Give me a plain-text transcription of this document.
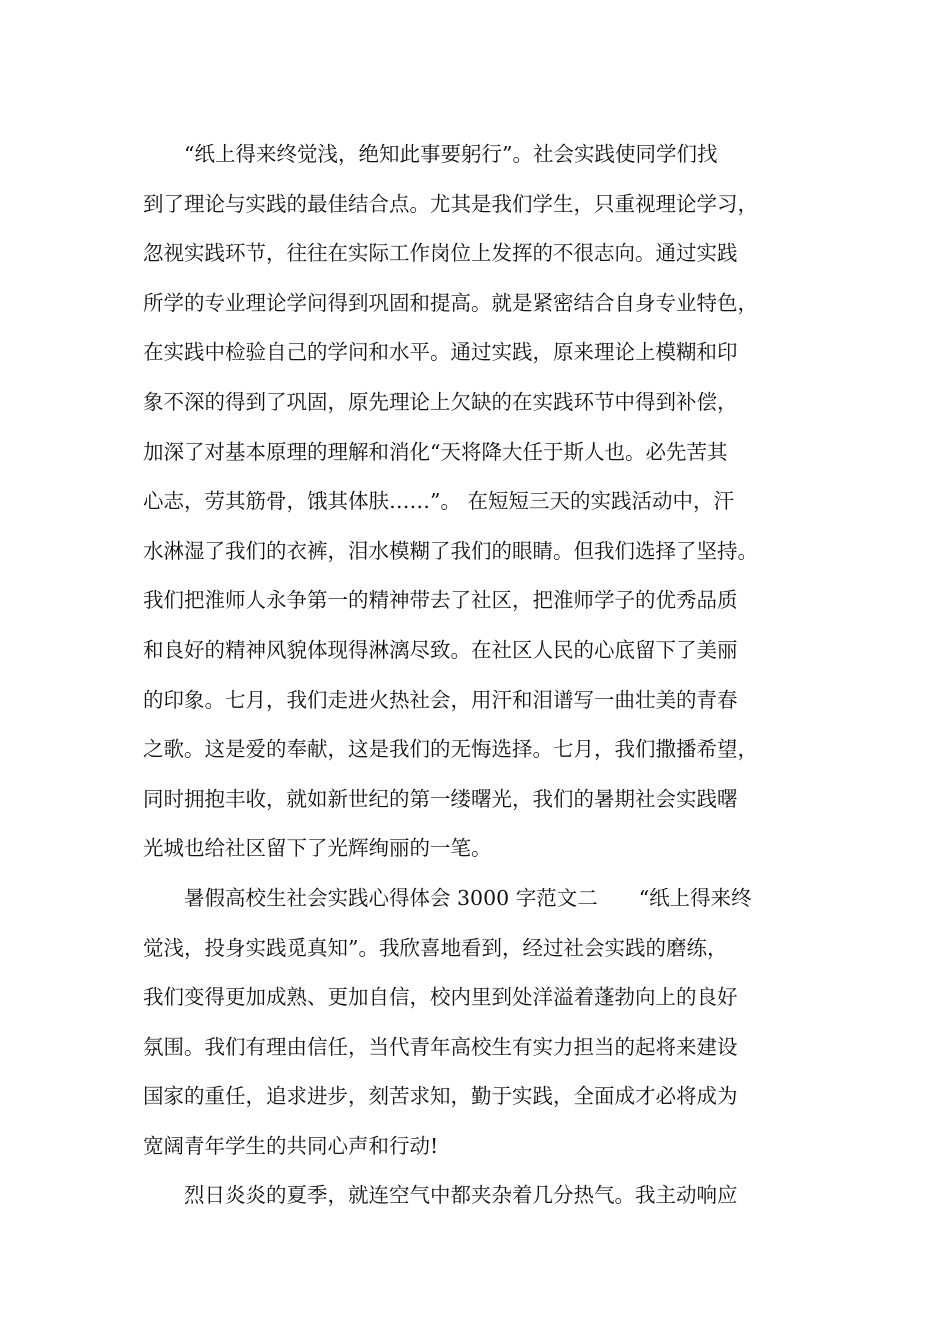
　　“纸上得来终觉浅，绝知此事要躬行”。社会实践使同学们找
到了理论与实践的最佳结合点。尤其是我们学生，只重视理论学习，
忽视实践环节，往往在实际工作岗位上发挥的不很志向。通过实践
所学的专业理论学问得到巩固和提高。就是紧密结合自身专业特色，
在实践中检验自己的学问和水平。通过实践，原来理论上模糊和印
象不深的得到了巩固，原先理论上欠缺的在实践环节中得到补偿，
加深了对基本原理的理解和消化“天将降大任于斯人也。必先苦其
心志，劳其筋骨，饿其体肤……”。 在短短三天的实践活动中，汗
水淋湿了我们的衣裤，泪水模糊了我们的眼睛。但我们选择了坚持。
我们把淮师人永争第一的精神带去了社区，把淮师学子的优秀品质
和良好的精神风貌体现得淋漓尽致。在社区人民的心底留下了美丽
的印象。七月，我们走进火热社会，用汗和泪谱写一曲壮美的青春
之歌。这是爱的奉献，这是我们的无悔选择。七月，我们撒播希望，
同时拥抱丰收，就如新世纪的第一缕曙光，我们的暑期社会实践曙
光城也给社区留下了光辉绚丽的一笔。
　　暑假高校生社会实践心得体会 3000 字范文二　　“纸上得来终
觉浅，投身实践觅真知”。我欣喜地看到，经过社会实践的磨练，
我们变得更加成熟、更加自信，校内里到处洋溢着蓬勃向上的良好
氛围。我们有理由信任，当代青年高校生有实力担当的起将来建设
国家的重任，追求进步，刻苦求知，勤于实践，全面成才必将成为
宽阔青年学生的共同心声和行动!
　　烈日炎炎的夏季，就连空气中都夹杂着几分热气。我主动响应
